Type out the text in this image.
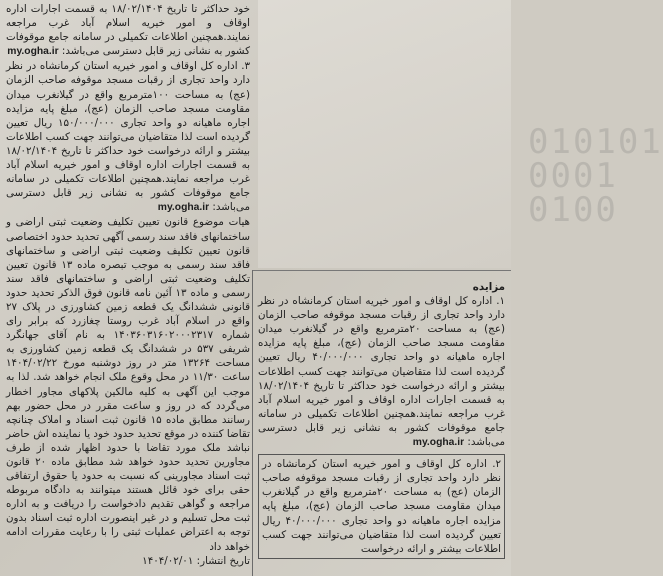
010101
0001
0100

خود حداکثر تا تاریخ ۱۸/۰۲/۱۴۰۴ به قسمت اجارات اداره اوقاف و امور خیریه اسلام آباد غرب مراجعه نمایند.همچنین اطلاعات تکمیلی در سامانه جامع موقوفات کشور به نشانی زیر قابل دسترسی می‌باشد: my.ogha.ir

۳. اداره کل اوقاف و امور خیریه استان کرمانشاه در نظر دارد واحد تجاری از رقبات مسجد موقوفه صاحب الزمان (عج) به مساحت ۱۰۰مترمربع واقع در گیلانغرب میدان مقاومت مسجد صاحب الزمان (عج)، مبلغ پایه مزایده اجاره ماهیانه دو واحد تجاری ۱۵۰/۰۰۰/۰۰۰ ریال تعیین گردیده است لذا متقاضیان می‌توانند جهت کسب اطلاعات بیشتر و ارائه درخواست خود حداکثر تا تاریخ ۱۸/۰۲/۱۴۰۴ به قسمت اجارات اداره اوقاف و امور خیریه اسلام آباد غرب مراجعه نمایند.همچنین اطلاعات تکمیلی در سامانه جامع موقوفات کشور به نشانی زیر قابل دسترسی می‌باشد: my.ogha.ir

هیات موضوع قانون تعیین تکلیف وضعیت ثبتی اراضی و ساختمانهای فاقد سند رسمی آگهی تحدید حدود اختصاصی قانون تعیین تکلیف وضعیت ثبتی اراضی و ساختمانهای فاقد سند رسمی به موجب تبصره ماده ۱۳ قانون تعیین تکلیف وضعیت ثبتی اراضی و ساختمانهای فاقد سند رسمی و ماده ۱۳ آئین نامه قانون فوق الذکر تحدید حدود قانونی ششدانگ یک قطعه زمین کشاورزی در پلاک ۲۷ واقع در اسلام آباد غرب روستا چغازرد که برابر رای شماره ۱۴۰۳۶۰۳۱۶۰۲۰۰۰۲۳۱۷ به نام آقای جهانگرد شریفی ۵۳۷ در ششدانگ یک قطعه زمین کشاورزی به مساحت ۱۳۲۶۴ متر در روز دوشنبه مورخ ۱۴۰۴/۰۲/۲۲ ساعت ۱۱/۳۰ در محل وقوع ملک انجام خواهد شد. لذا به موجب این آگهی به کلیه مالکین پلاکهای مجاور اخطار می‌گردد که در روز و ساعت مقرر در محل حضور بهم رسانند مطابق ماده ۱۵ قانون ثبت اسناد و املاک چنانچه تقاضا کننده در موقع تحدید حدود خود یا نماینده اش حاضر نباشد ملک مورد تقاضا با حدود اظهار شده از طرف مجاورین تحدید حدود خواهد شد مطابق ماده ۲۰ قانون ثبت اسناد مجاورینی که نسبت به حدود یا حقوق ارتفاقی حقی برای خود قائل هستند میتوانند به دادگاه مربوطه مراجعه و گواهی تقدیم دادخواست را دریافت و به اداره ثبت محل تسلیم و در غیر اینصورت اداره ثبت اسناد بدون توجه به اعتراض عملیات ثبتی را با رعایت مقررات ادامه خواهد داد

تاریخ انتشار: ۱۴۰۴/۰۲/۰۱

مزایده

۱. اداره کل اوقاف و امور خیریه استان کرمانشاه در نظر دارد واحد تجاری از رقبات مسجد موقوفه صاحب الزمان (عج) به مساحت ۲۰مترمربع واقع در گیلانغرب میدان مقاومت مسجد صاحب الزمان (عج)، مبلغ پایه مزایده اجاره ماهیانه دو واحد تجاری ۴۰/۰۰۰/۰۰۰ ریال تعیین گردیده است لذا متقاضیان می‌توانند جهت کسب اطلاعات بیشتر و ارائه درخواست خود حداکثر تا تاریخ ۱۸/۰۲/۱۴۰۴ به قسمت اجارات اداره اوقاف و امور خیریه اسلام آباد غرب مراجعه نمایند.همچنین اطلاعات تکمیلی در سامانه جامع موقوفات کشور به نشانی زیر قابل دسترسی می‌باشد: my.ogha.ir

۲. اداره کل اوقاف و امور خیریه استان کرمانشاه در نظر دارد واحد تجاری از رقبات مسجد موقوفه صاحب الزمان (عج) به مساحت ۲۰مترمربع واقع در گیلانغرب میدان مقاومت مسجد صاحب الزمان (عج)، مبلغ پایه مزایده اجاره ماهیانه دو واحد تجاری ۴۰/۰۰۰/۰۰۰ ریال تعیین گردیده است لذا متقاضیان می‌توانند جهت کسب اطلاعات بیشتر و ارائه درخواست
